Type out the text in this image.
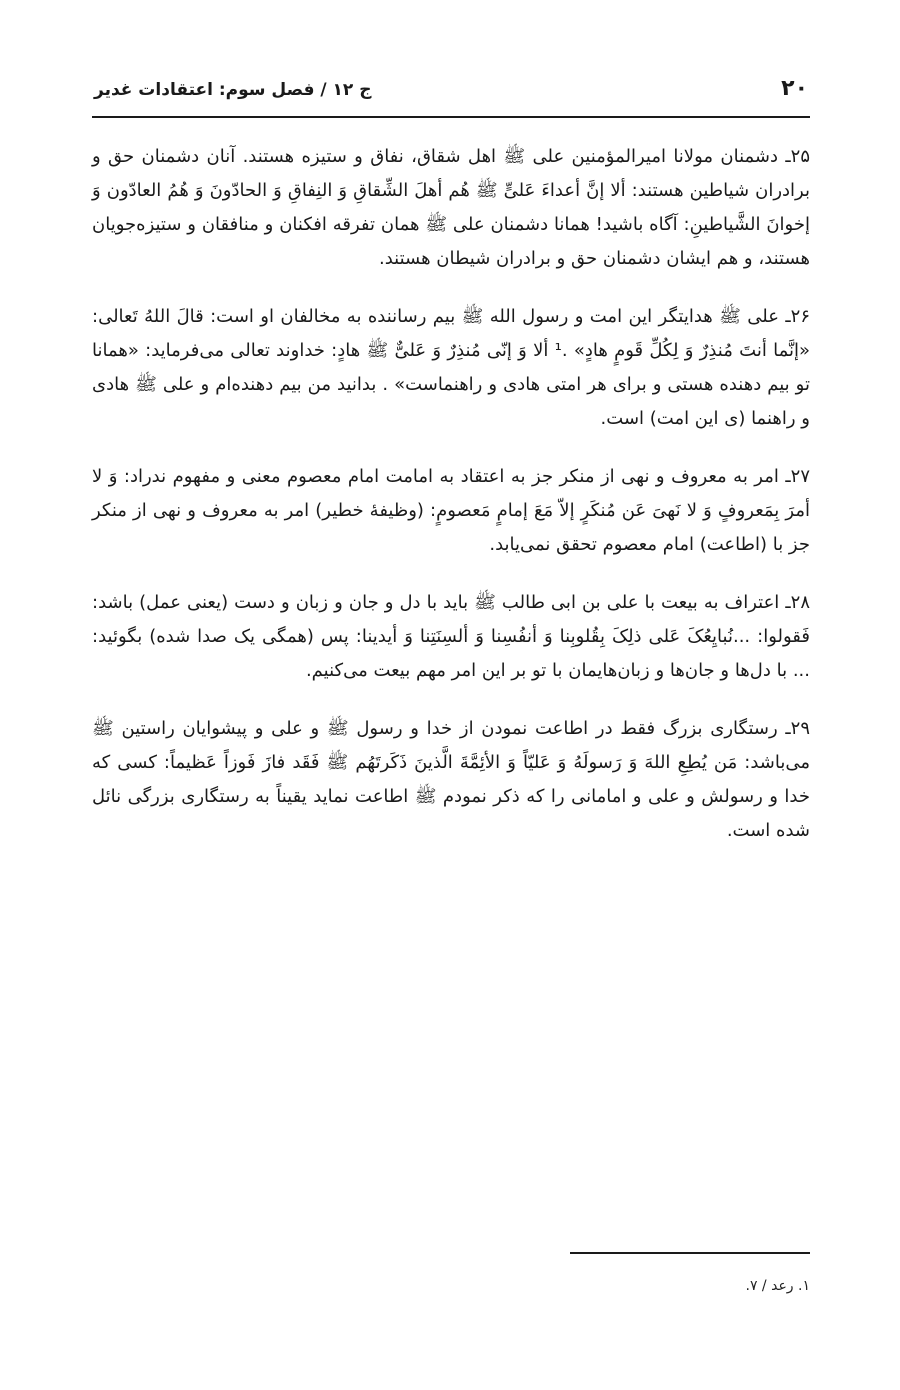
۲۰
ج ۱۲ / فصل سوم: اعتقادات غدیر

۲۵ـ دشمنان مولانا امیرالمؤمنین علی ﷺ اهل شقاق، نفاق و ستیزه هستند. آنان دشمنان حق و برادران شیاطین هستند: ألا إنَّ أعداءَ عَلیٍّ ﷺ هُم أهلَ الشِّقاقِ وَ النِفاقِ وَ الحادّونَ وَ هُمُ العادّون وَ إخوانَ الشَّیاطینِ: آگاه باشید! همانا دشمنان علی ﷺ همان تفرقه افکنان و منافقان و ستیزه‌جویان هستند، و هم ایشان دشمنان حق و برادران شیطان هستند.

۲۶ـ علی ﷺ هدایتگر این امت و رسول الله ﷺ بیم رساننده به مخالفان او است: قالَ اللهُ تَعالی: «إنَّما أنتَ مُنذِرٌ وَ لِکُلِّ قَومٍ هادٍ» .¹ ألا وَ إنّی مُنذِرٌ وَ عَلیٌّ ﷺ هادٍ: خداوند تعالی می‌فرماید: «همانا تو بیم دهنده هستی و برای هر امتی هادی و راهنماست» . بدانید من بیم دهنده‌ام و علی ﷺ هادی و راهنما (ی این امت) است.

۲۷ـ امر به معروف و نهی از منکر جز به اعتقاد به امامت امام معصوم معنی و مفهوم ندراد: وَ لا أمرَ بِمَعروفٍ وَ لا نَهیَ عَن مُنکَرٍ إلاّ مَعَ إمامٍ مَعصومٍ: (وظیفهٔ خطیر) امر به معروف و نهی از منکر جز با (اطاعت) امام معصوم تحقق نمی‌یابد.

۲۸ـ اعتراف به بیعت با علی بن ابی طالب ﷺ باید با دل و جان و زبان و دست (یعنی عمل) باشد: فَقولوا: ...نُبایِعُکَ عَلی ذلِکَ بِقُلوبِنا وَ أنفُسِنا وَ ألسِنَتِنا وَ أیدینا: پس (همگی یک صدا شده) بگوئید: ... با دل‌ها و جان‌ها و زبان‌هایمان با تو بر این امر مهم بیعت می‌کنیم.

۲۹ـ رستگاری بزرگ فقط در اطاعت نمودن از خدا و رسول ﷺ و علی و پیشوایان راستین ﷺ می‌باشد: مَن یُطِعِ اللهَ وَ رَسولَهُ وَ عَلیّاً وَ الأئِمَّةَ الَّذینَ ذَکَرتَهُم ﷺ فَقَد فازَ فَوزاً عَظیماً: کسی که خدا و رسولش و علی و امامانی را که ذکر نمودم ﷺ اطاعت نماید یقیناً به رستگاری بزرگی نائل شده است.

۱. رعد / ۷.
